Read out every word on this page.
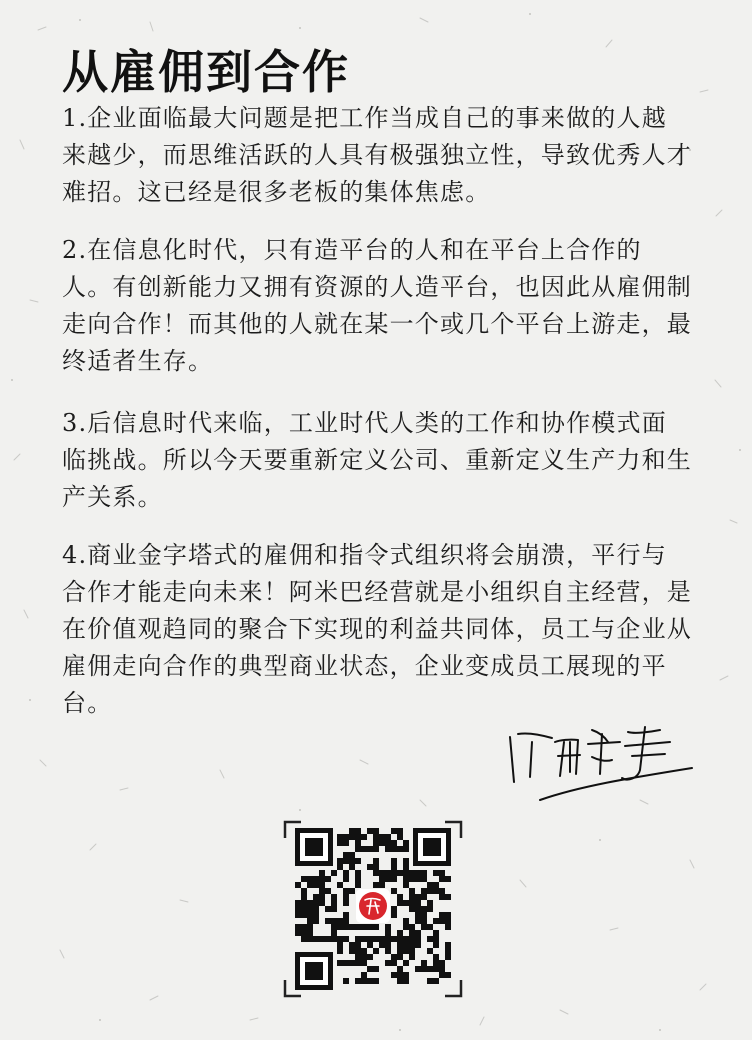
从雇佣到合作

1.企业面临最大问题是把工作当成自己的事来做的人越来越少，而思维活跃的人具有极强独立性，导致优秀人才难招。这已经是很多老板的集体焦虑。

2.在信息化时代，只有造平台的人和在平台上合作的人。有创新能力又拥有资源的人造平台，也因此从雇佣制走向合作！而其他的人就在某一个或几个平台上游走，最终适者生存。

3.后信息时代来临，工业时代人类的工作和协作模式面临挑战。所以今天要重新定义公司、重新定义生产力和生产关系。

4.商业金字塔式的雇佣和指令式组织将会崩溃，平行与合作才能走向未来！阿米巴经营就是小组织自主经营，是在价值观趋同的聚合下实现的利益共同体，员工与企业从雇佣走向合作的典型商业状态，企业变成员工展现的平台。
